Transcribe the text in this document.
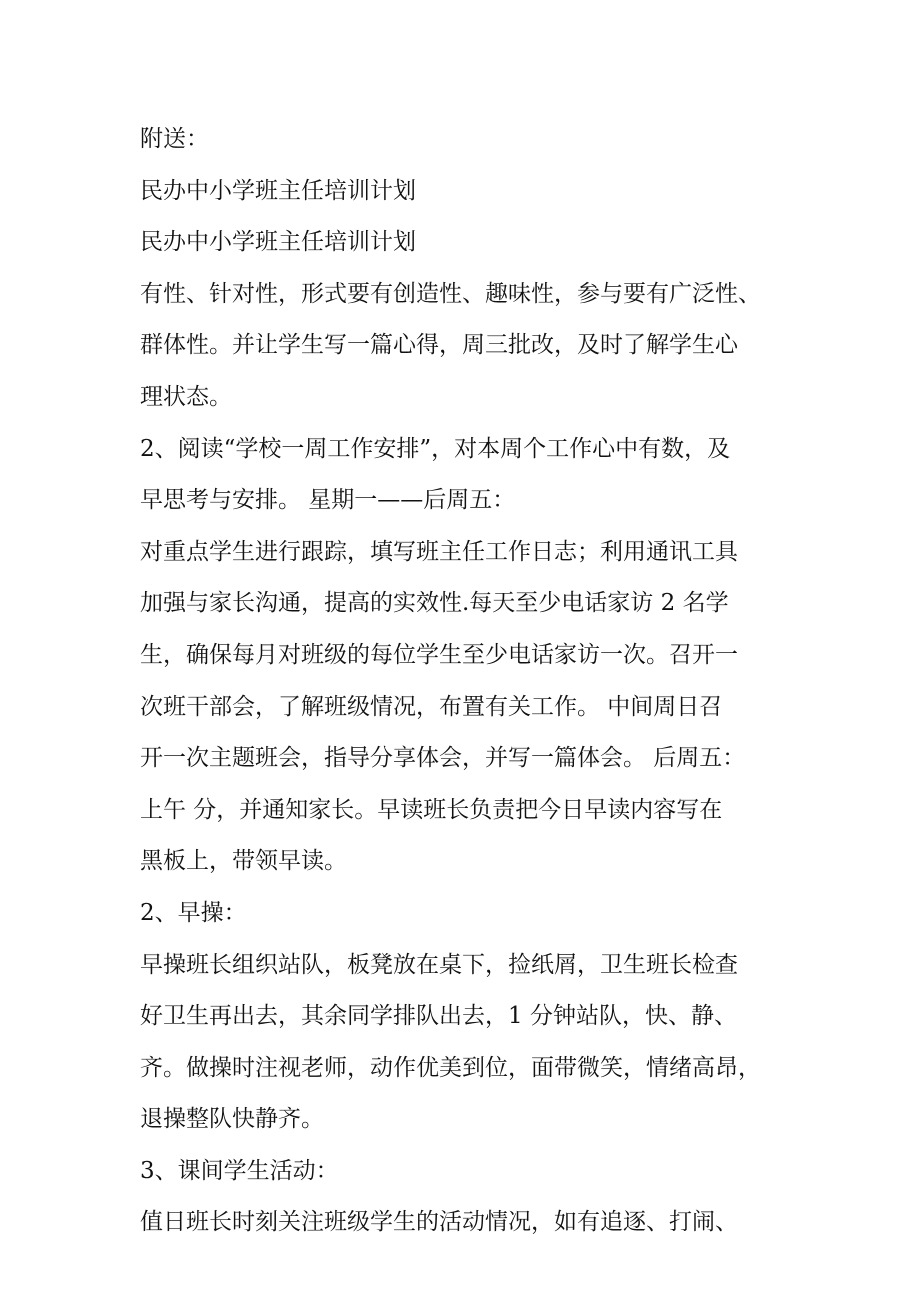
附送：
民办中小学班主任培训计划
民办中小学班主任培训计划
有性、针对性，形式要有创造性、趣味性，参与要有广泛性、
群体性。并让学生写一篇心得，周三批改，及时了解学生心
理状态。
2、阅读“学校一周工作安排”，对本周个工作心中有数，及
早思考与安排。 星期一——后周五：
对重点学生进行跟踪，填写班主任工作日志；利用通讯工具
加强与家长沟通，提高的实效性.每天至少电话家访 2 名学
生，确保每月对班级的每位学生至少电话家访一次。召开一
次班干部会，了解班级情况，布置有关工作。 中间周日召
开一次主题班会，指导分享体会，并写一篇体会。 后周五：
上午 分，并通知家长。早读班长负责把今日早读内容写在
黑板上，带领早读。
2、早操：
早操班长组织站队，板凳放在桌下，捡纸屑，卫生班长检查
好卫生再出去，其余同学排队出去，1 分钟站队，快、静、
齐。做操时注视老师，动作优美到位，面带微笑，情绪高昂，
退操整队快静齐。
3、课间学生活动：
值日班长时刻关注班级学生的活动情况，如有追逐、打闹、
